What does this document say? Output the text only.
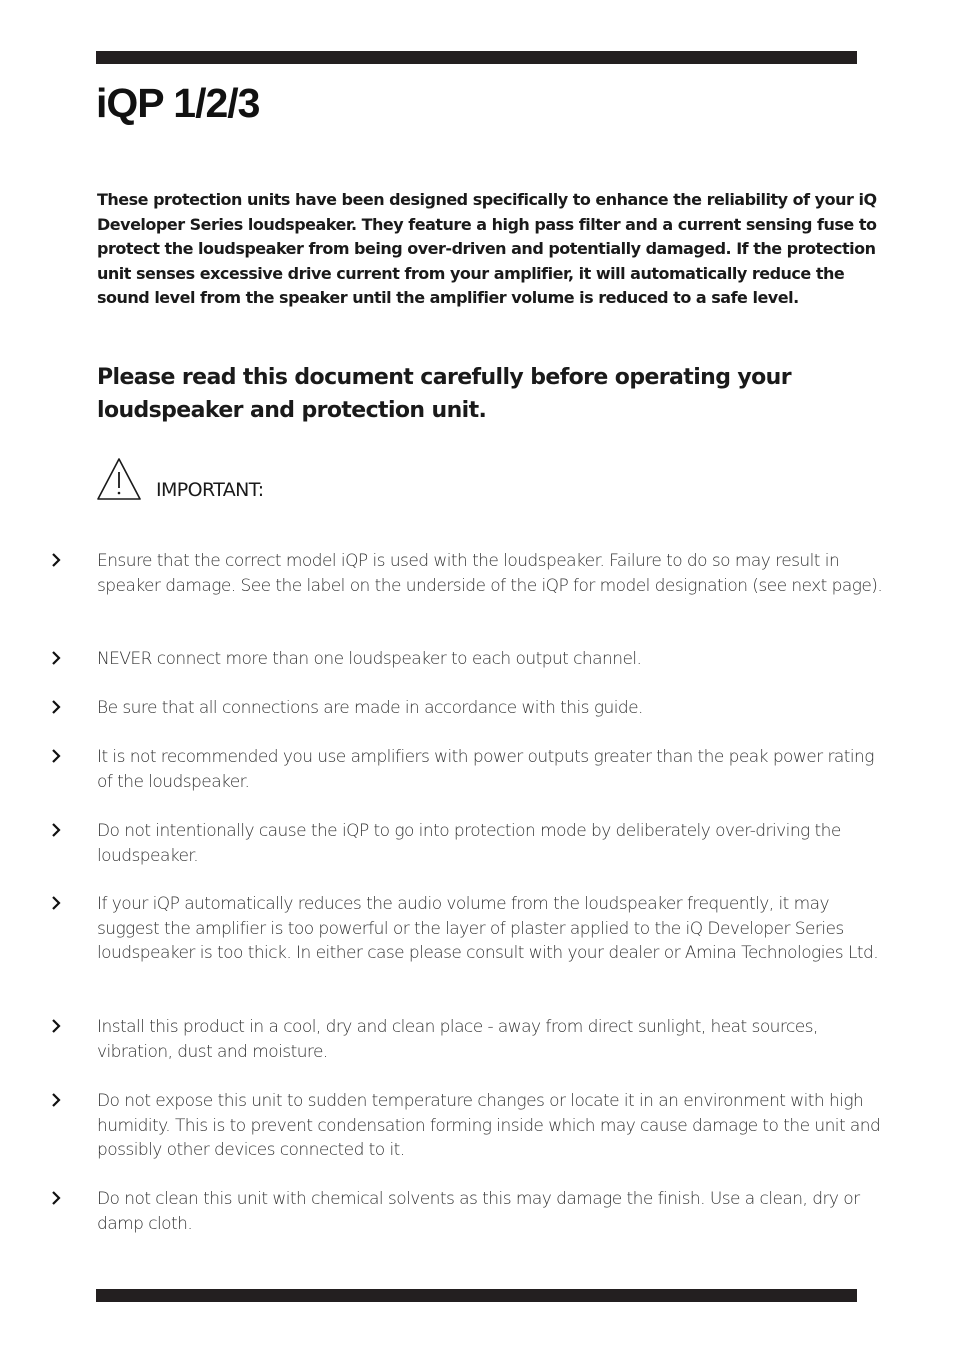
iQP 1/2/3

These protection units have been designed specifically to enhance the reliability of your iQ Developer Series loudspeaker. They feature a high pass filter and a current sensing fuse to protect the loudspeaker from being over-driven and potentially damaged. If the protection unit senses excessive drive current from your amplifier, it will automatically reduce the sound level from the speaker until the amplifier volume is reduced to a safe level.

Please read this document carefully before operating your loudspeaker and protection unit.

IMPORTANT:

Ensure that the correct model iQP is used with the loudspeaker. Failure to do so may result in speaker damage. See the label on the underside of the iQP for model designation (see next page).

NEVER connect more than one loudspeaker to each output channel.

Be sure that all connections are made in accordance with this guide.

It is not recommended you use amplifiers with power outputs greater than the peak power rating of the loudspeaker.

Do not intentionally cause the iQP to go into protection mode by deliberately over-driving the loudspeaker.

If your iQP automatically reduces the audio volume from the loudspeaker frequently, it may suggest the amplifier is too powerful or the layer of plaster applied to the iQ Developer Series loudspeaker is too thick. In either case please consult with your dealer or Amina Technologies Ltd.

Install this product in a cool, dry and clean place - away from direct sunlight, heat sources, vibration, dust and moisture.

Do not expose this unit to sudden temperature changes or locate it in an environment with high humidity. This is to prevent condensation forming inside which may cause damage to the unit and possibly other devices connected to it.

Do not clean this unit with chemical solvents as this may damage the finish. Use a clean, dry or damp cloth.
